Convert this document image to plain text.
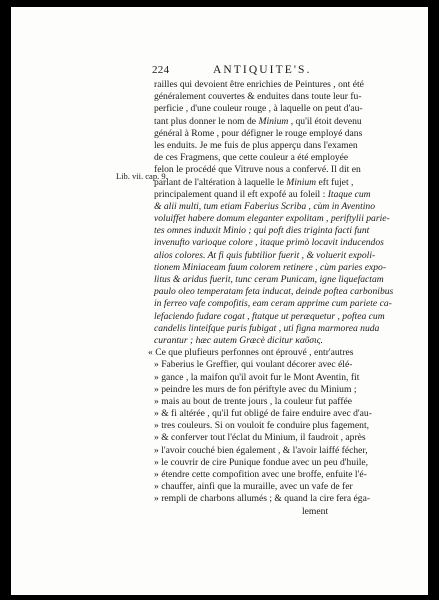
224	ANTIQUITE'S.
Lib. vii. cap. 9.
railles qui devoient être enrichies de Peintures , ont été
généralement couvertes & enduites dans toute leur fu-
perficie , d'une couleur rouge , à laquelle on peut d'au-
tant plus donner le nom de Minium , qu'il étoit devenu
général à Rome , pour défigner le rouge employé dans
les enduits. Je me fuis de plus apperçu dans l'examen
de ces Fragmens, que cette couleur a été employée
felon le procédé que Vitruve nous a confervé. Il dit en
parlant de l'altération à laquelle le Minium eft fujet ,
principalement quand il eft expofé au foleil : Itaque cum
& alii multi, tum etiam Faberius Scriba , cùm in Aventino
voluiffet habere domum eleganter expolitam , periftylii parie-
tes omnes induxit Minio ; qui poft dies triginta facti funt
invenufto varioque colore , itaque primò locavit inducendos
alios colores. At fi quis fubtilior fuerit , & voluerit expoli-
tionem Miniaceam fuum colorem retinere , cùm paries expo-
litus & aridus fuerit, tunc ceram Punicam, igne liquefactam
paulo oleo temperatam feta inducat, deinde poftea carbonibus
in ferreo vafe compofitis, eam ceram apprime cum pariete ca-
lefaciendo fudare cogat , ftatque ut peræquetur , poftea cum
candelis linteifque puris fubigat , uti figna marmorea nuda
curantur ; hæc autem Græcè dicitur καῦσις.
« Ce que plufieurs perfonnes ont éprouvé , entr'autres
» Faberius le Greffier, qui voulant décorer avec élé-
» gance , la maifon qu'il avoit fur le Mont Aventin, fit
» peindre les murs de fon périftyle avec du Minium ;
» mais au bout de trente jours , la couleur fut paffée
» & fi altérée , qu'il fut obligé de faire enduire avec d'au-
» tres couleurs. Si on vouloit fe conduire plus fagement,
» & conferver tout l'éclat du Minium, il faudroit , après
» l'avoir couché bien également , & l'avoir laiffé fécher,
» le couvrir de cire Punique fondue avec un peu d'huile,
» étendre cette compofition avec une broffe, enfuite l'é-
» chauffer, ainfi que la muraille, avec un vafe de fer
» rempli de charbons allumés ; & quand la cire fera éga-
lement
